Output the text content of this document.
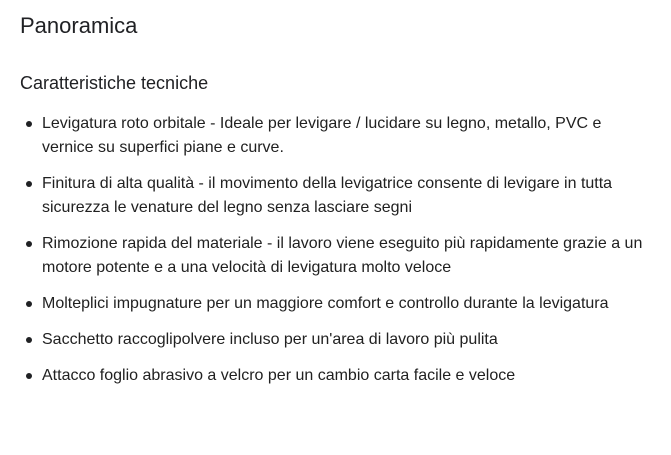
Panoramica
Caratteristiche tecniche
Levigatura roto orbitale - Ideale per levigare / lucidare su legno, metallo, PVC e vernice su superfici piane e curve.
Finitura di alta qualità - il movimento della levigatrice consente di levigare in tutta sicurezza le venature del legno senza lasciare segni
Rimozione rapida del materiale - il lavoro viene eseguito più rapidamente grazie a un motore potente e a una velocità di levigatura molto veloce
Molteplici impugnature per un maggiore comfort e controllo durante la levigatura
Sacchetto raccoglipolvere incluso per un'area di lavoro più pulita
Attacco foglio abrasivo a velcro per un cambio carta facile e veloce
